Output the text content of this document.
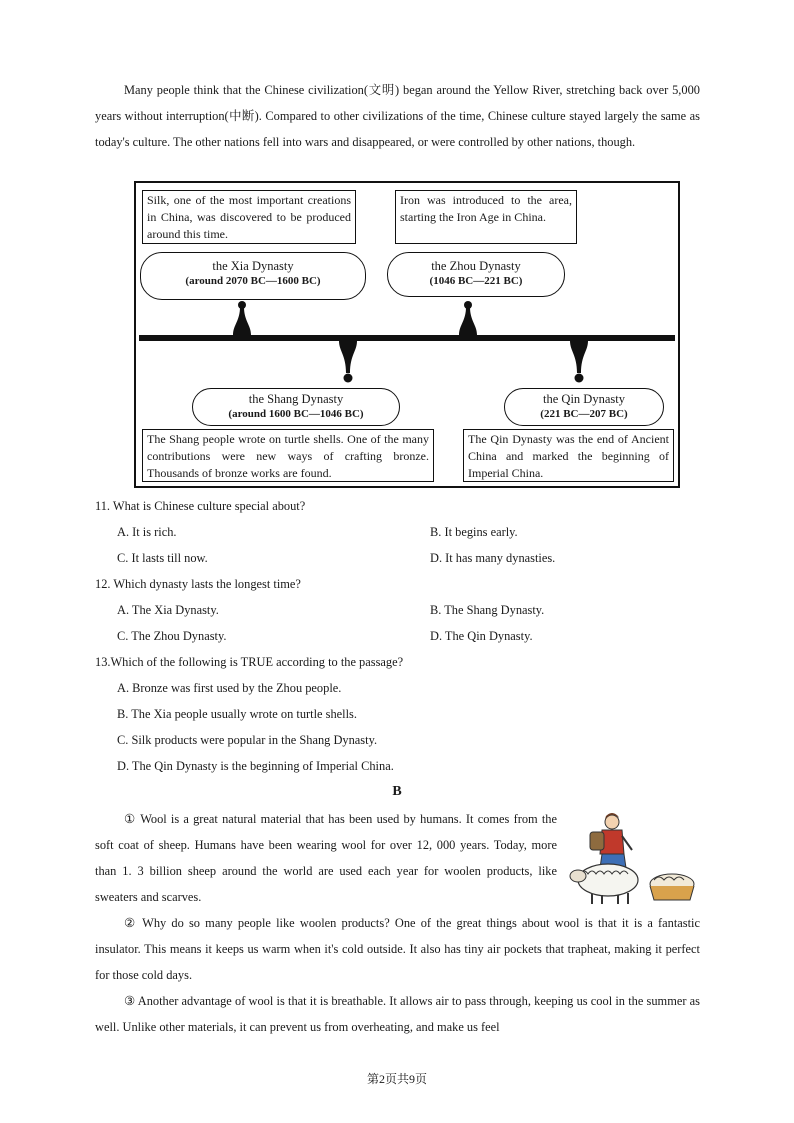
Many people think that the Chinese civilization(文明) began around the Yellow River, stretching back over 5,000 years without interruption(中断). Compared to other civilizations of the time, Chinese culture stayed largely the same as today's culture. The other nations fell into wars and disappeared, or were controlled by other nations, though.

Silk, one of the most important creations in China, was discovered to be produced around this time.
Iron was introduced to the area, starting the Iron Age in China.
the Xia Dynasty
(around 2070 BC—1600 BC)
the Zhou Dynasty
(1046 BC—221 BC)
the Shang Dynasty
(around 1600 BC—1046 BC)
the Qin Dynasty
(221 BC—207 BC)
The Shang people wrote on turtle shells. One of the many contributions were new ways of crafting bronze. Thousands of bronze works are found.
The Qin Dynasty was the end of Ancient China and marked the beginning of Imperial China.

11. What is Chinese culture special about?

A. It is rich.	B. It begins early.

C. It lasts till now.	D. It has many dynasties.

12. Which dynasty lasts the longest time?

A. The Xia Dynasty.	B. The Shang Dynasty.

C. The Zhou Dynasty.	D. The Qin Dynasty.

13.Which of the following is TRUE according to the passage?

A. Bronze was first used by the Zhou people.

B. The Xia people usually wrote on turtle shells.

C. Silk products were popular in the Shang Dynasty.

D. The Qin Dynasty is the beginning of Imperial China.

B

① Wool is a great natural material that has been used by humans. It comes from the soft coat of sheep. Humans have been wearing wool for over 12, 000 years. Today, more than 1. 3 billion sheep around the world are used each year for woolen products, like sweaters and scarves.

② Why do so many people like woolen products? One of the great things about wool is that it is a fantastic insulator. This means it keeps us warm when it's cold outside. It also has tiny air pockets that trapheat, making it perfect for those cold days.

③ Another advantage of wool is that it is breathable. It allows air to pass through, keeping us cool in the summer as well. Unlike other materials, it can prevent us from overheating, and make us feel

第2页共9页
